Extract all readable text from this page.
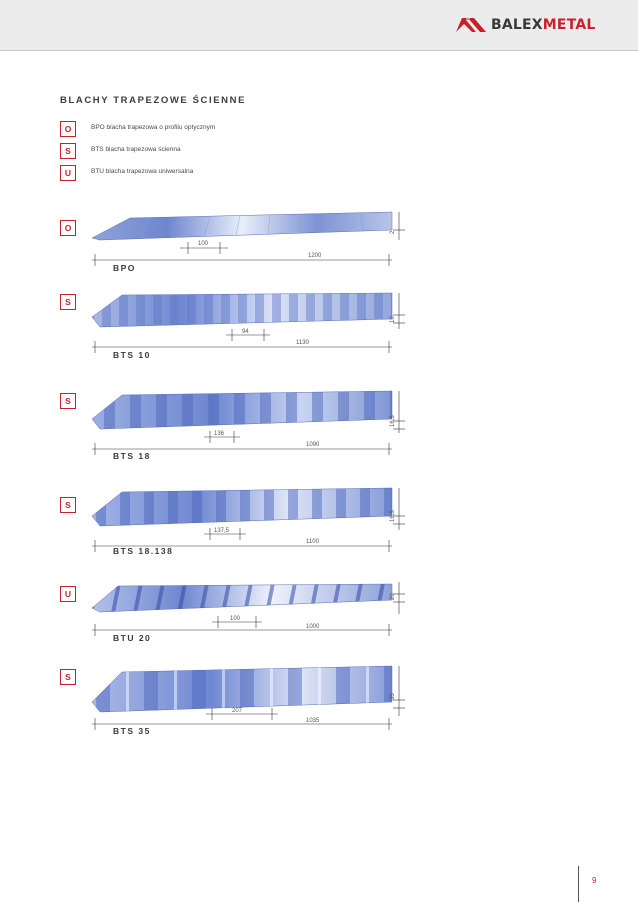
BALEXMETAL
BLACHY TRAPEZOWE ŚCIENNE
O	BPO blacha trapezowa o profilu optycznym
S	BTS blacha trapezowa ścienna
U	BTU blacha trapezowa uniwersalna
O
100
1200
2
BPO
S
94
1130
10
BTS 10
S
136
1090
16,5
BTS 18
S
137,5
1100
16,5
BTS 18.138
U
100
1000
20
BTU 20
S
207
1035
35
BTS 35
9
